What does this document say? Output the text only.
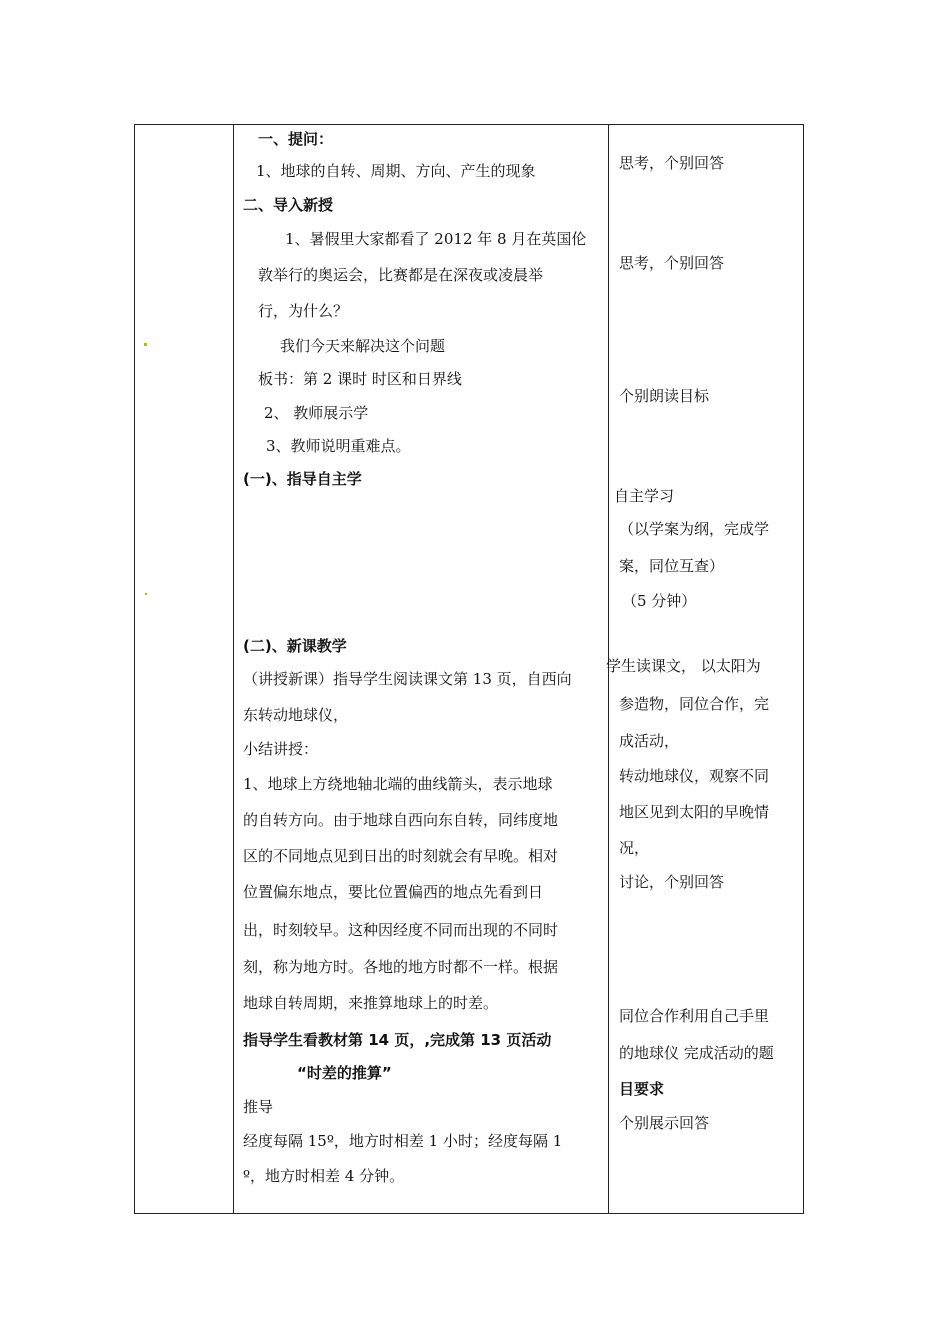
一、提问：
1、地球的自转、周期、方向、产生的现象
二、导入新授
1、暑假里大家都看了 2012 年 8 月在英国伦
敦举行的奥运会，比赛都是在深夜或凌晨举
行，为什么？
我们今天来解决这个问题
板书：第 2 课时 时区和日界线
2、 教师展示学
3、教师说明重难点。
(一)、指导自主学
(二)、新课教学
（讲授新课）指导学生阅读课文第 13 页，自西向
东转动地球仪，
小结讲授：
1、地球上方绕地轴北端的曲线箭头，表示地球
的自转方向。由于地球自西向东自转，同纬度地
区的不同地点见到日出的时刻就会有早晚。相对
位置偏东地点，要比位置偏西的地点先看到日
出，时刻较早。这种因经度不同而出现的不同时
刻，称为地方时。各地的地方时都不一样。根据
地球自转周期，来推算地球上的时差。
指导学生看教材第 14 页，,完成第 13 页活动
“时差的推算”
推导
经度每隔 15º，地方时相差 1 小时；经度每隔 1
º，地方时相差 4 分钟。
思考，个别回答
思考，个别回答
个别朗读目标
自主学习
（以学案为纲，完成学
案，同位互查）
（5 分钟）
学生读课文， 以太阳为
参造物，同位合作，完
成活动，
转动地球仪，观察不同
地区见到太阳的早晚情
况，
讨论，个别回答
同位合作利用自己手里
的地球仪 完成活动的题
目要求
个别展示回答
